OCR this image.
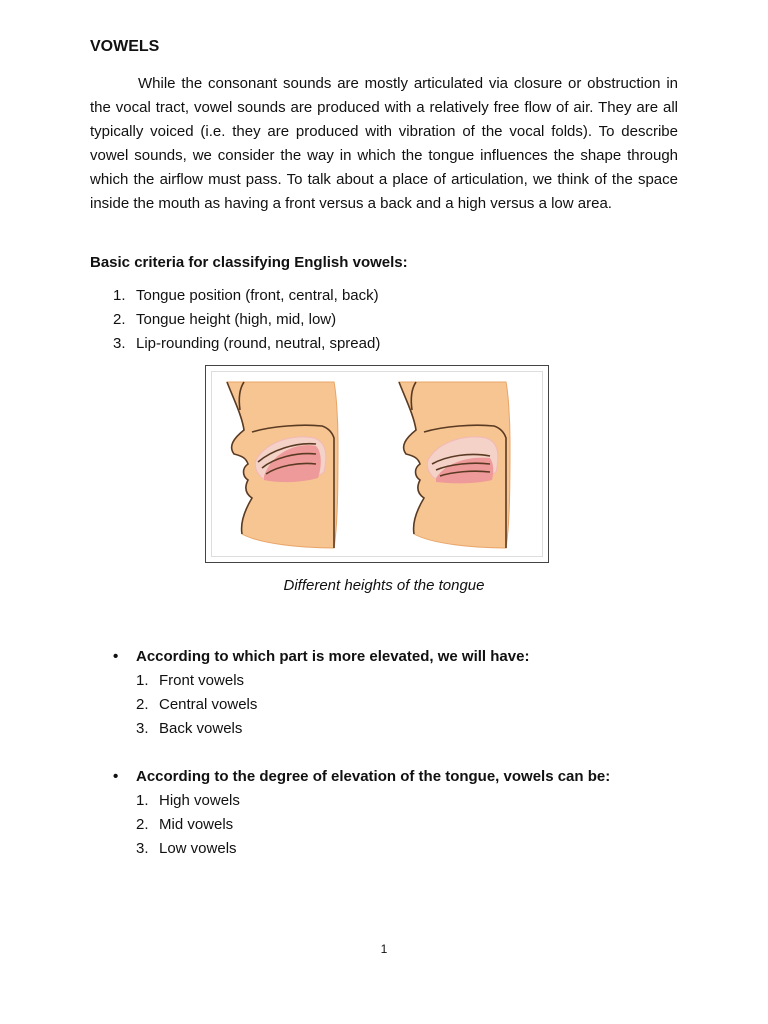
VOWELS

While the consonant sounds are mostly articulated via closure or obstruction in the vocal tract, vowel sounds are produced with a relatively free flow of air. They are all typically voiced (i.e. they are produced with vibration of the vocal folds). To describe vowel sounds, we consider the way in which the tongue influences the shape through which the airflow must pass. To talk about a place of articulation, we think of the space inside the mouth as having a front versus a back and a high versus a low area.

Basic criteria for classifying English vowels:

1. Tongue position (front, central, back)
2. Tongue height (high, mid, low)
3. Lip-rounding (round, neutral, spread)

Different heights of the tongue

• According to which part is more elevated, we will have:
1. Front vowels
2. Central vowels
3. Back vowels
• According to the degree of elevation of the tongue, vowels can be:
1. High vowels
2. Mid vowels
3. Low vowels

1
